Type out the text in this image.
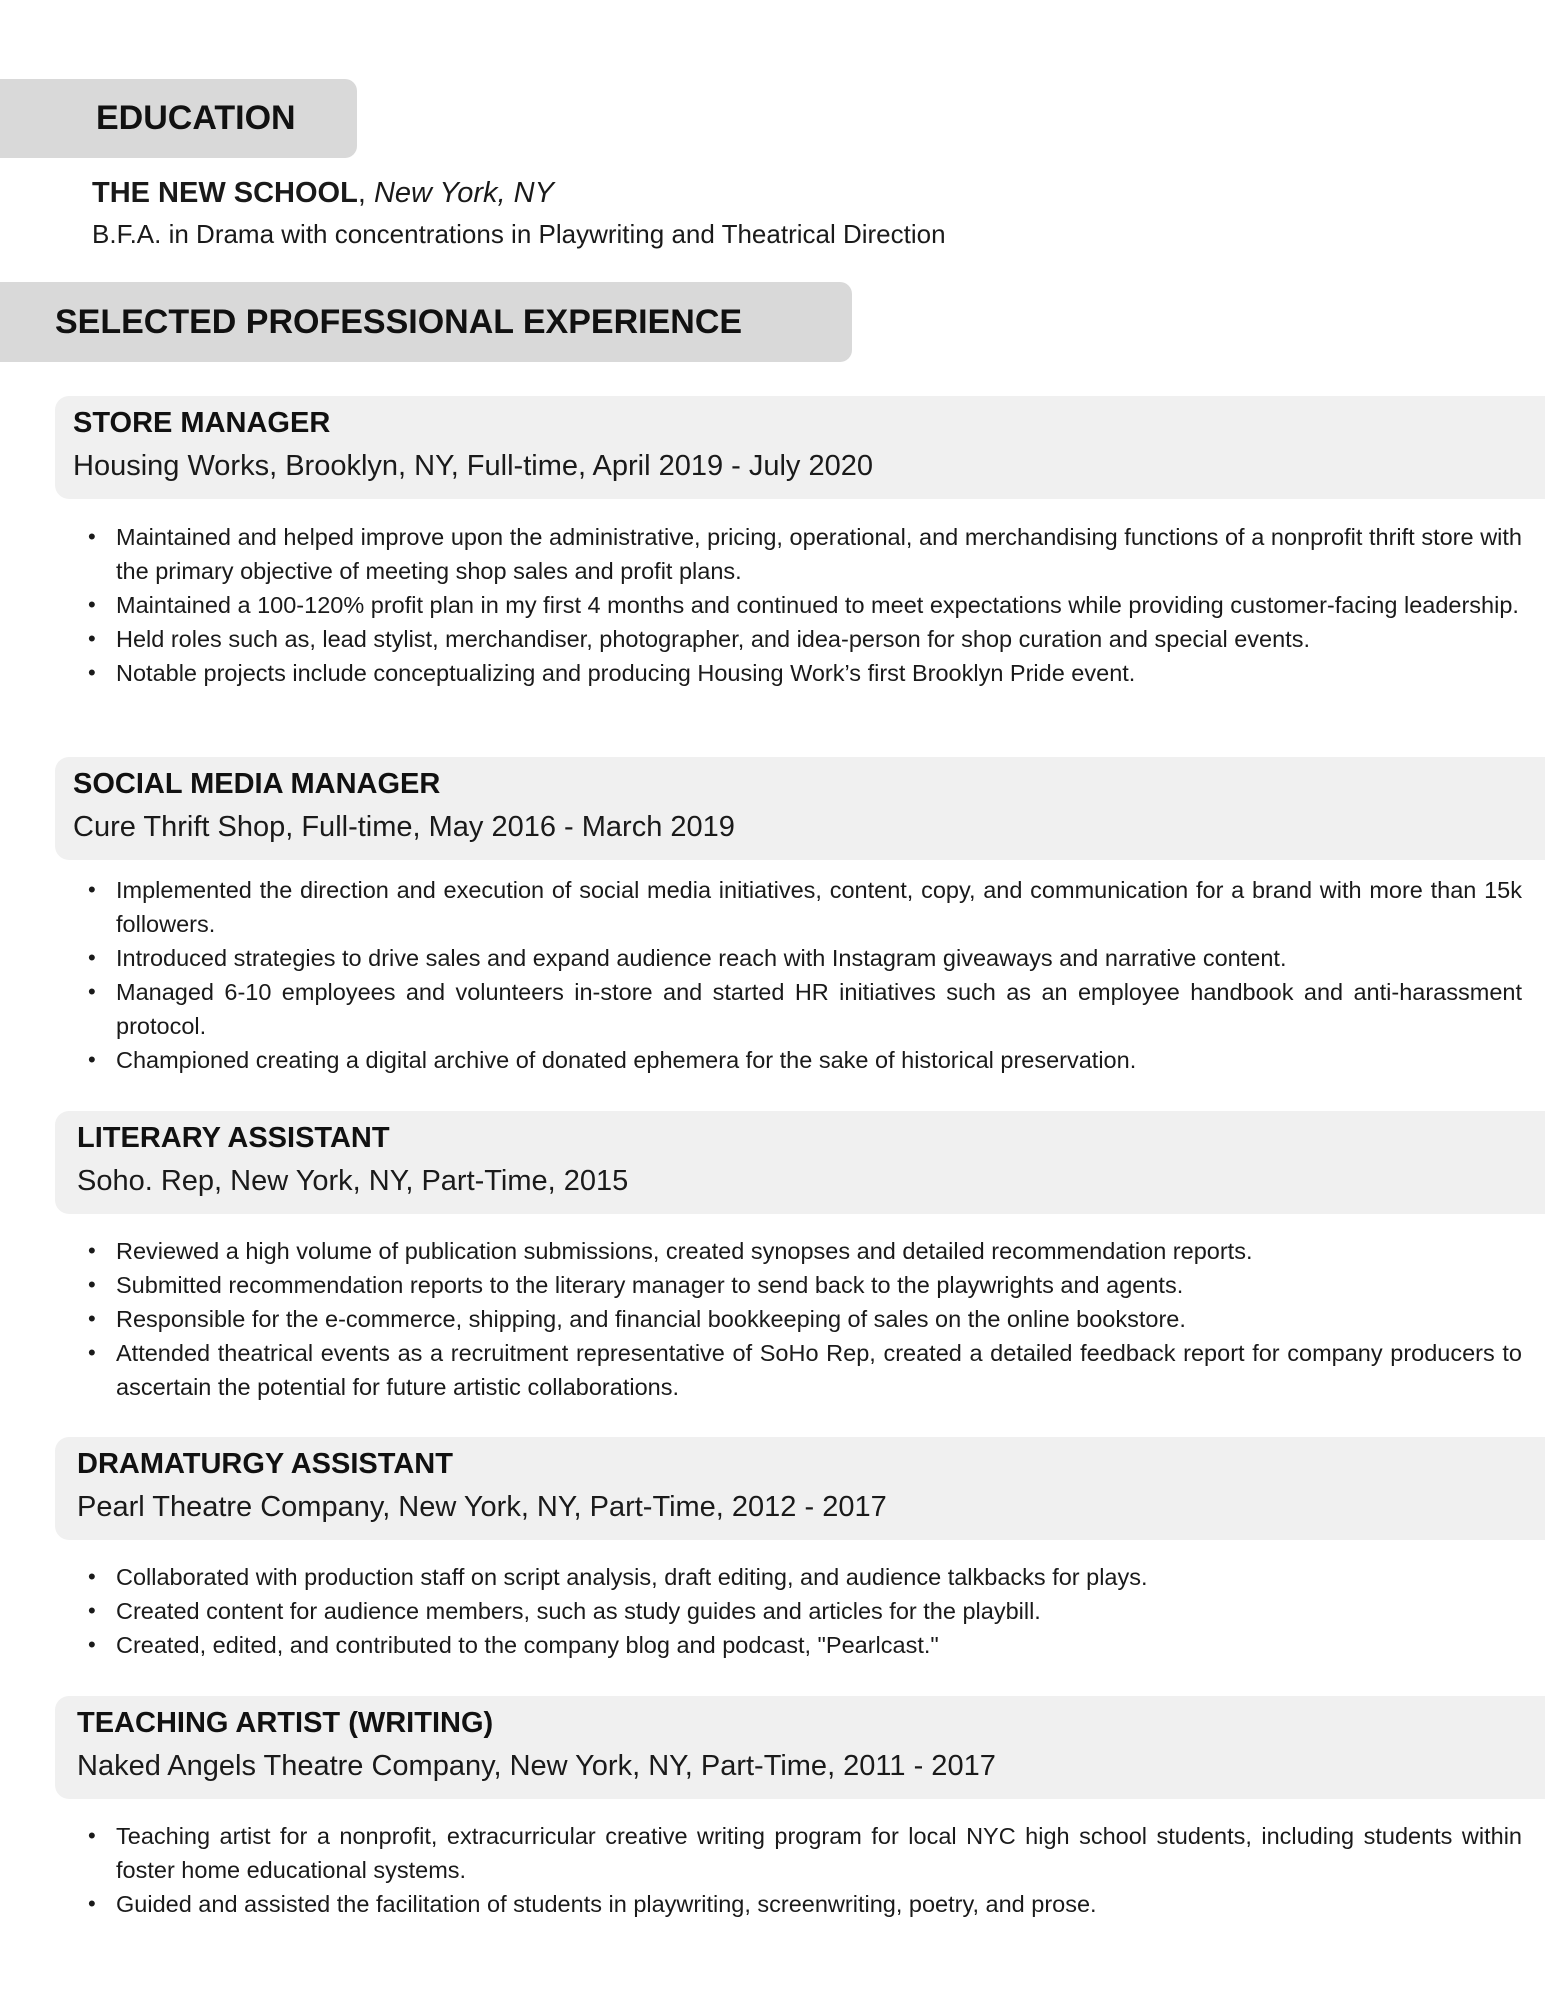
EDUCATION
THE NEW SCHOOL, New York, NY
B.F.A. in Drama with concentrations in Playwriting and Theatrical Direction
SELECTED PROFESSIONAL EXPERIENCE
STORE MANAGER
Housing Works, Brooklyn, NY, Full-time, April 2019 - July 2020
• Maintained and helped improve upon the administrative, pricing, operational, and merchandising functions of a nonprofit thrift store with the primary objective of meeting shop sales and profit plans.
• Maintained a 100-120% profit plan in my first 4 months and continued to meet expectations while providing customer-facing leadership.
• Held roles such as, lead stylist, merchandiser, photographer, and idea-person for shop curation and special events.
• Notable projects include conceptualizing and producing Housing Work’s first Brooklyn Pride event.
SOCIAL MEDIA MANAGER
Cure Thrift Shop, Full-time, May 2016 - March 2019
• Implemented the direction and execution of social media initiatives, content, copy, and communication for a brand with more than 15k followers.
• Introduced strategies to drive sales and expand audience reach with Instagram giveaways and narrative content.
• Managed 6-10 employees and volunteers in-store and started HR initiatives such as an employee handbook and anti-harassment protocol.
• Championed creating a digital archive of donated ephemera for the sake of historical preservation.
LITERARY ASSISTANT
Soho. Rep, New York, NY, Part-Time, 2015
• Reviewed a high volume of publication submissions, created synopses and detailed recommendation reports.
• Submitted recommendation reports to the literary manager to send back to the playwrights and agents.
• Responsible for the e-commerce, shipping, and financial bookkeeping of sales on the online bookstore.
• Attended theatrical events as a recruitment representative of SoHo Rep, created a detailed feedback report for company producers to ascertain the potential for future artistic collaborations.
DRAMATURGY ASSISTANT
Pearl Theatre Company, New York, NY, Part-Time, 2012 - 2017
• Collaborated with production staff on script analysis, draft editing, and audience talkbacks for plays.
• Created content for audience members, such as study guides and articles for the playbill.
• Created, edited, and contributed to the company blog and podcast, "Pearlcast."
TEACHING ARTIST (WRITING)
Naked Angels Theatre Company, New York, NY, Part-Time, 2011 - 2017
• Teaching artist for a nonprofit, extracurricular creative writing program for local NYC high school students, including students within foster home educational systems.
• Guided and assisted the facilitation of students in playwriting, screenwriting, poetry, and prose.
